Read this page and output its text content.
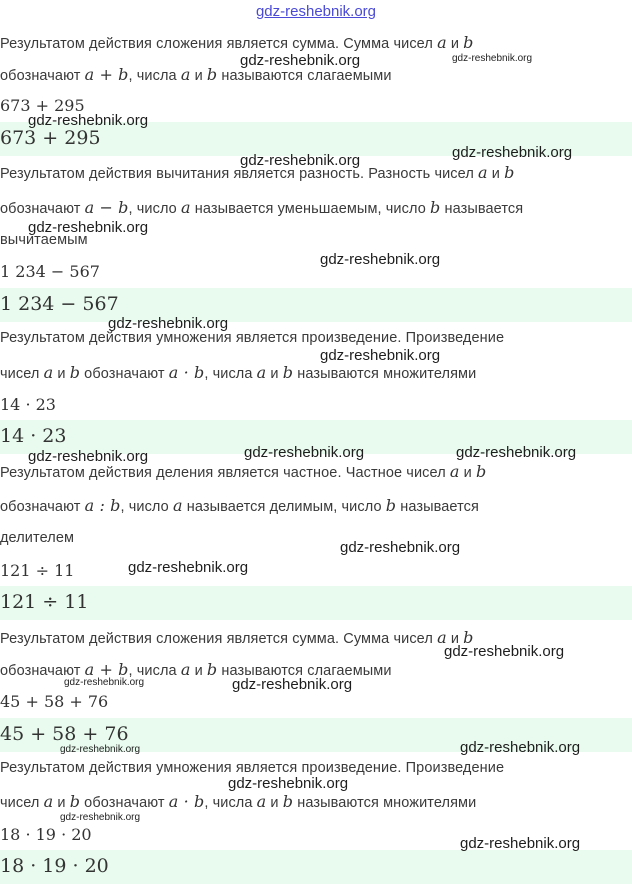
gdz-reshebnik.org
Результатом действия сложения является сумма. Сумма чисел a и b
обозначают a + b, числа a и b называются слагаемыми
673 + 295
673 + 295
Результатом действия вычитания является разность. Разность чисел a и b
обозначают a − b, число a называется уменьшаемым, число b называется
вычитаемым
1 234 − 567
1 234 − 567
Результатом действия умножения является произведение. Произведение
чисел a и b обозначают a · b, числа a и b называются множителями
14 · 23
14 · 23
Результатом действия деления является частное. Частное чисел a и b
обозначают a : b, число a называется делимым, число b называется
делителем
121 ÷ 11
121 ÷ 11
Результатом действия сложения является сумма. Сумма чисел a и b
обозначают a + b, числа a и b называются слагаемыми
45 + 58 + 76
45 + 58 + 76
Результатом действия умножения является произведение. Произведение
чисел a и b обозначают a · b, числа a и b называются множителями
18 · 19 · 20
18 · 19 · 20
gdz-reshebnik.org	gdz-reshebnik.org
gdz-reshebnik.org
gdz-reshebnik.org
gdz-reshebnik.org
gdz-reshebnik.org
gdz-reshebnik.org
gdz-reshebnik.org
gdz-reshebnik.org
gdz-reshebnik.org	gdz-reshebnik.org	gdz-reshebnik.org
gdz-reshebnik.org
gdz-reshebnik.org
gdz-reshebnik.org
gdz-reshebnik.org	gdz-reshebnik.org
gdz-reshebnik.org	gdz-reshebnik.org
gdz-reshebnik.org
gdz-reshebnik.org
gdz-reshebnik.org
